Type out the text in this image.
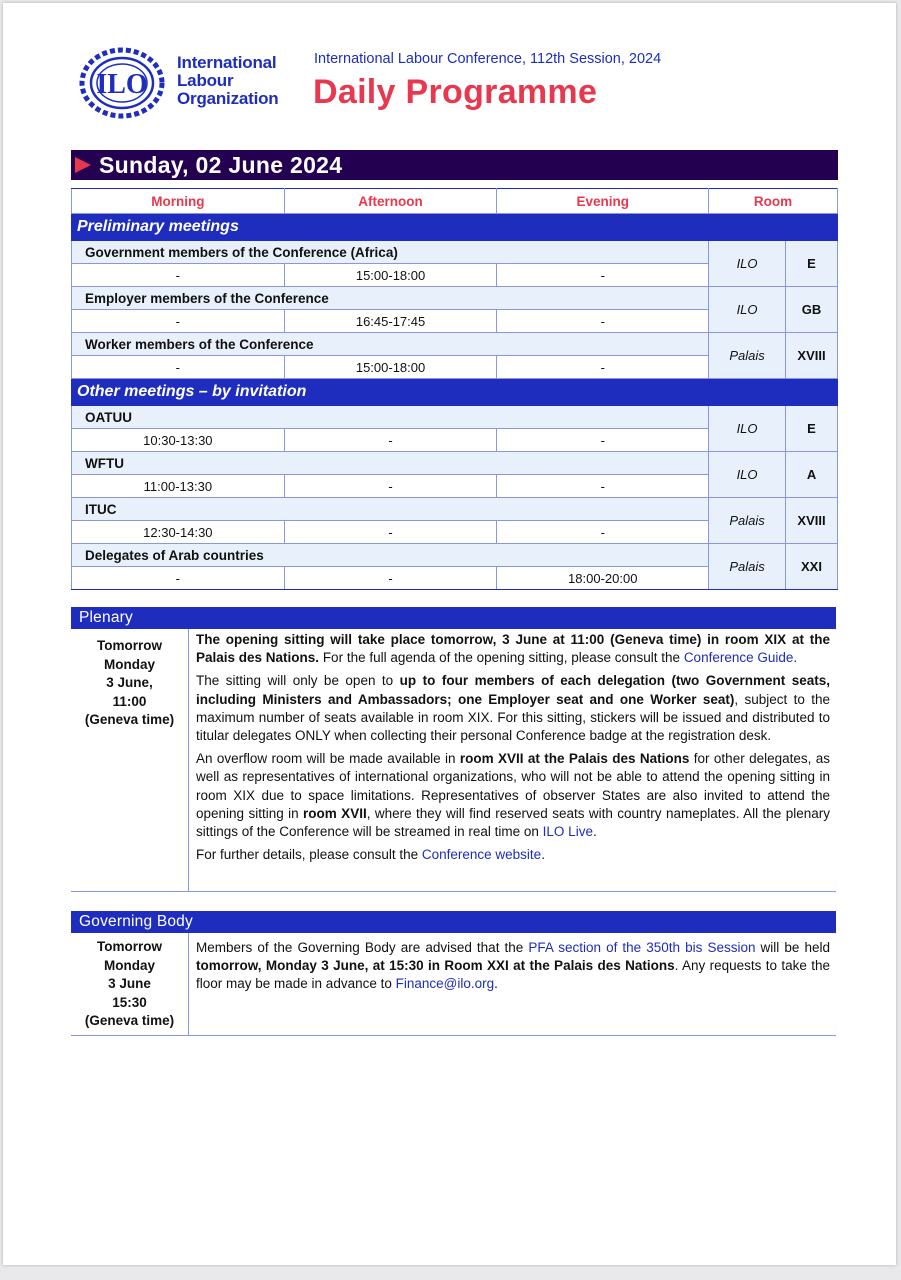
ILO
International
Labour
Organization
International Labour Conference, 112th Session, 2024
Daily Programme
Sunday, 02 June 2024
Morning	Afternoon	Evening	Room	
Preliminary meetings				
Government members of the Conference (Africa)			ILO	E
-	15:00-18:00	-		
Employer members of the Conference			ILO	GB
-	16:45-17:45	-		
Worker members of the Conference			Palais	XVIII
-	15:00-18:00	-		
Other meetings – by invitation				
OATUU			ILO	E
10:30-13:30	-	-		
WFTU			ILO	A
11:00-13:30	-	-		
ITUC			Palais	XVIII
12:30-14:30	-	-		
Delegates of Arab countries			Palais	XXI
-	-	18:00-20:00		
Plenary
Tomorrow
Monday
3 June,
11:00
(Geneva time)

The opening sitting will take place tomorrow, 3 June at 11:00 (Geneva time) in room XIX at the Palais des Nations. For the full agenda of the opening sitting, please consult the Conference Guide.

The sitting will only be open to up to four members of each delegation (two Government seats, including Ministers and Ambassadors; one Employer seat and one Worker seat), subject to the maximum number of seats available in room XIX. For this sitting, stickers will be issued and distributed to titular delegates ONLY when collecting their personal Conference badge at the registration desk.

An overflow room will be made available in room XVII at the Palais des Nations for other delegates, as well as representatives of international organizations, who will not be able to attend the opening sitting in room XIX due to space limitations. Representatives of observer States are also invited to attend the opening sitting in room XVII, where they will find reserved seats with country nameplates. All the plenary sittings of the Conference will be streamed in real time on ILO Live.

For further details, please consult the Conference website.

Governing Body
Tomorrow
Monday
3 June
15:30
(Geneva time)

Members of the Governing Body are advised that the PFA section of the 350th bis Session will be held tomorrow, Monday 3 June, at 15:30 in Room XXI at the Palais des Nations. Any requests to take the floor may be made in advance to Finance@ilo.org.
